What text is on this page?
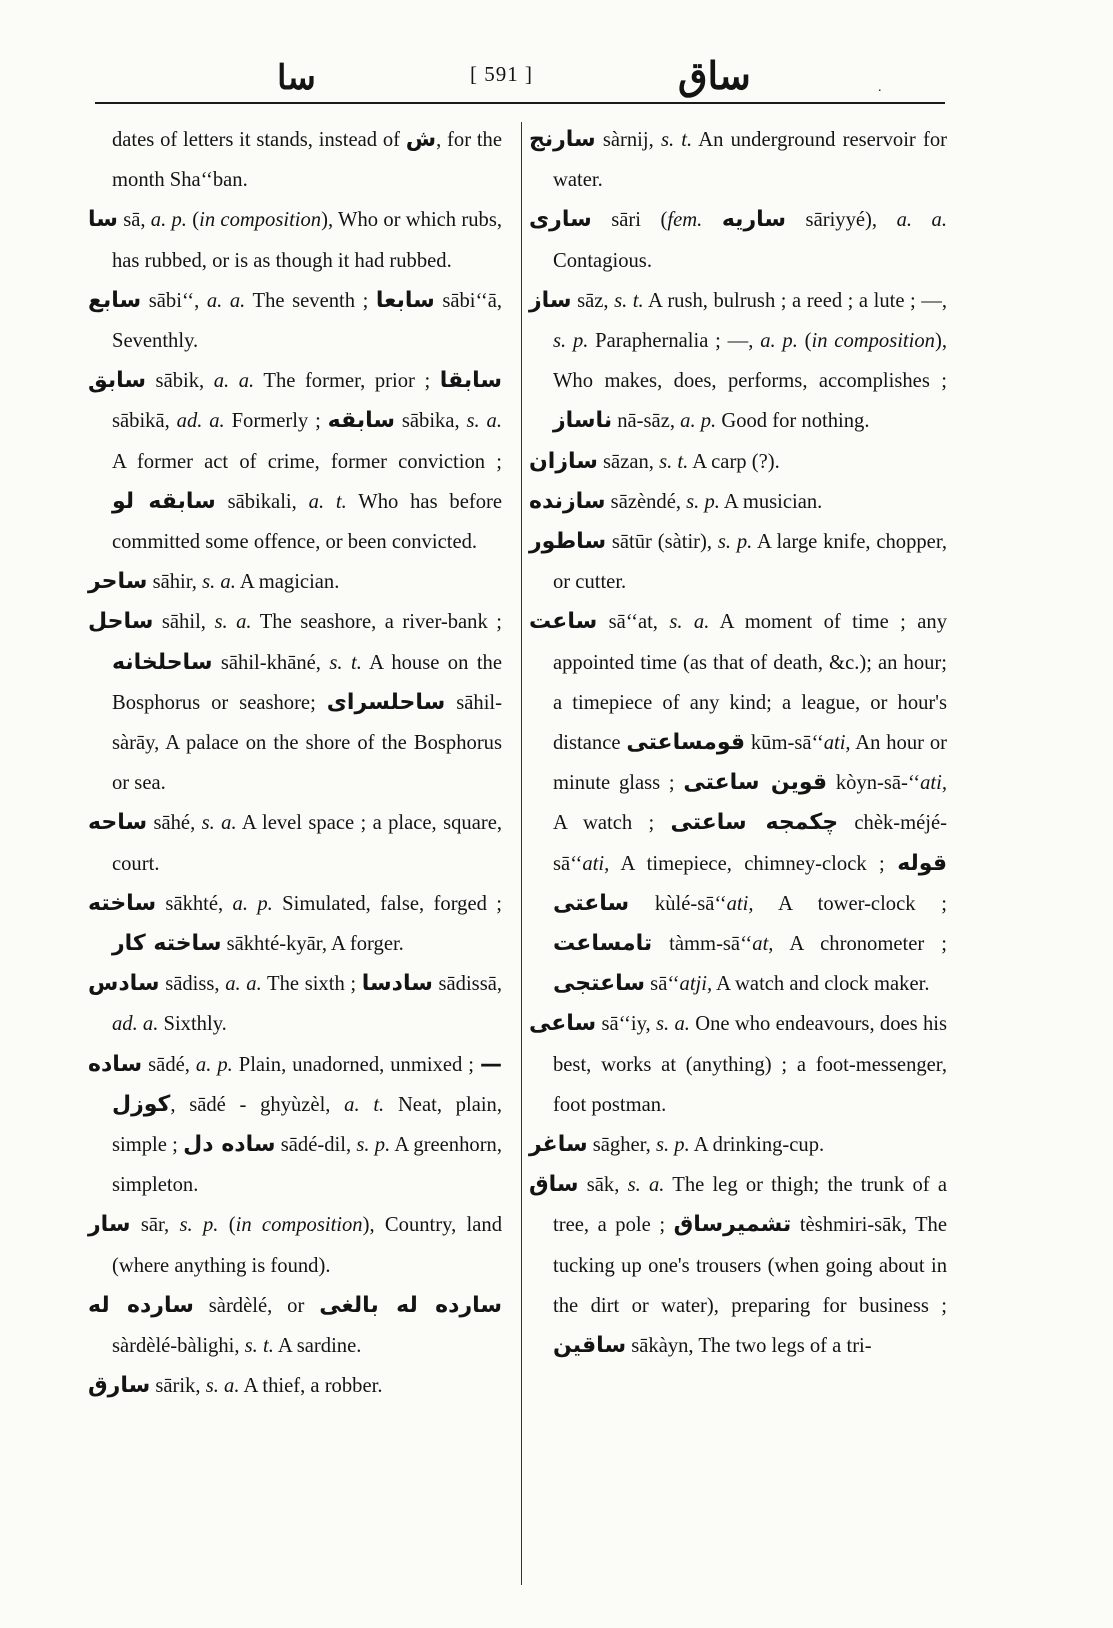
سا	[ 591 ]	ساق	.
dates of letters it stands, instead of ش, for the month Sha‘‘ban.
سا sā, a. p. (in composition), Who or which rubs, has rubbed, or is as though it had rubbed.
سابع sābi‘‘, a. a. The seventh ; سابعا sābi‘‘ā, Seventhly.
سابق sābik, a. a. The former, prior ; سابقا sābikā, ad. a. Formerly ; سابقه sābika, s. a. A former act of crime, former conviction ; سابقه لو sābikali, a. t. Who has before committed some offence, or been convicted.
ساحر sāhir, s. a. A magician.
ساحل sāhil, s. a. The seashore, a river-bank ; ساحلخانه sāhil-khāné, s. t. A house on the Bosphorus or seashore; ساحلسرای sāhil-sàrāy, A palace on the shore of the Bosphorus or sea.
ساحه sāhé, s. a. A level space ; a place, square, court.
ساخته sākhté, a. p. Simulated, false, forged ; ساخته كار sākhté-kyār, A forger.
سادس sādiss, a. a. The sixth ; سادسا sādissā, ad. a. Sixthly.
ساده sādé, a. p. Plain, unadorned, unmixed ; —كوزل, sādé - ghyùzèl, a. t. Neat, plain, simple ; ساده دل sādé-dil, s. p. A greenhorn, simpleton.
سار sār, s. p. (in composition), Country, land (where anything is found).
سارده له sàrdèlé, or سارده له بالغی sàrdèlé-bàlighi, s. t. A sardine.
سارق sārik, s. a. A thief, a robber.
سارنج sàrnij, s. t. An underground reservoir for water.
ساری sāri (fem. ساریه sāriyyé), a. a. Contagious.
ساز sāz, s. t. A rush, bulrush ; a reed ; a lute ; —, s. p. Paraphernalia ; —, a. p. (in composition), Who makes, does, performs, accomplishes ; ناساز nā-sāz, a. p. Good for nothing.
سازان sāzan, s. t. A carp (?).
سازنده sāzèndé, s. p. A musician.
ساطور sātūr (sàtir), s. p. A large knife, chopper, or cutter.
ساعت sā‘‘at, s. a. A moment of time ; any appointed time (as that of death, &c.); an hour; a timepiece of any kind; a league, or hour's distance قومساعتی kūm-sā‘‘ati, An hour or minute glass ; قوين ساعتی kòyn-sā-‘‘ati, A watch ; چكمجه ساعتی chèk-méjé-sā‘‘ati, A timepiece, chimney-clock ; قوله ساعتی kùlé-sā‘‘ati, A tower-clock ; تامساعت tàmm-sā‘‘at, A chronometer ; ساعتجی sā‘‘atji, A watch and clock maker.
ساعی sā‘‘iy, s. a. One who endeavours, does his best, works at (anything) ; a foot-messenger, foot postman.
ساغر sāgher, s. p. A drinking-cup.
ساق sāk, s. a. The leg or thigh; the trunk of a tree, a pole ; تشميرساق tèshmiri-sāk, The tucking up one's trousers (when going about in the dirt or water), preparing for business ; ساقين sākàyn, The two legs of a tri-
